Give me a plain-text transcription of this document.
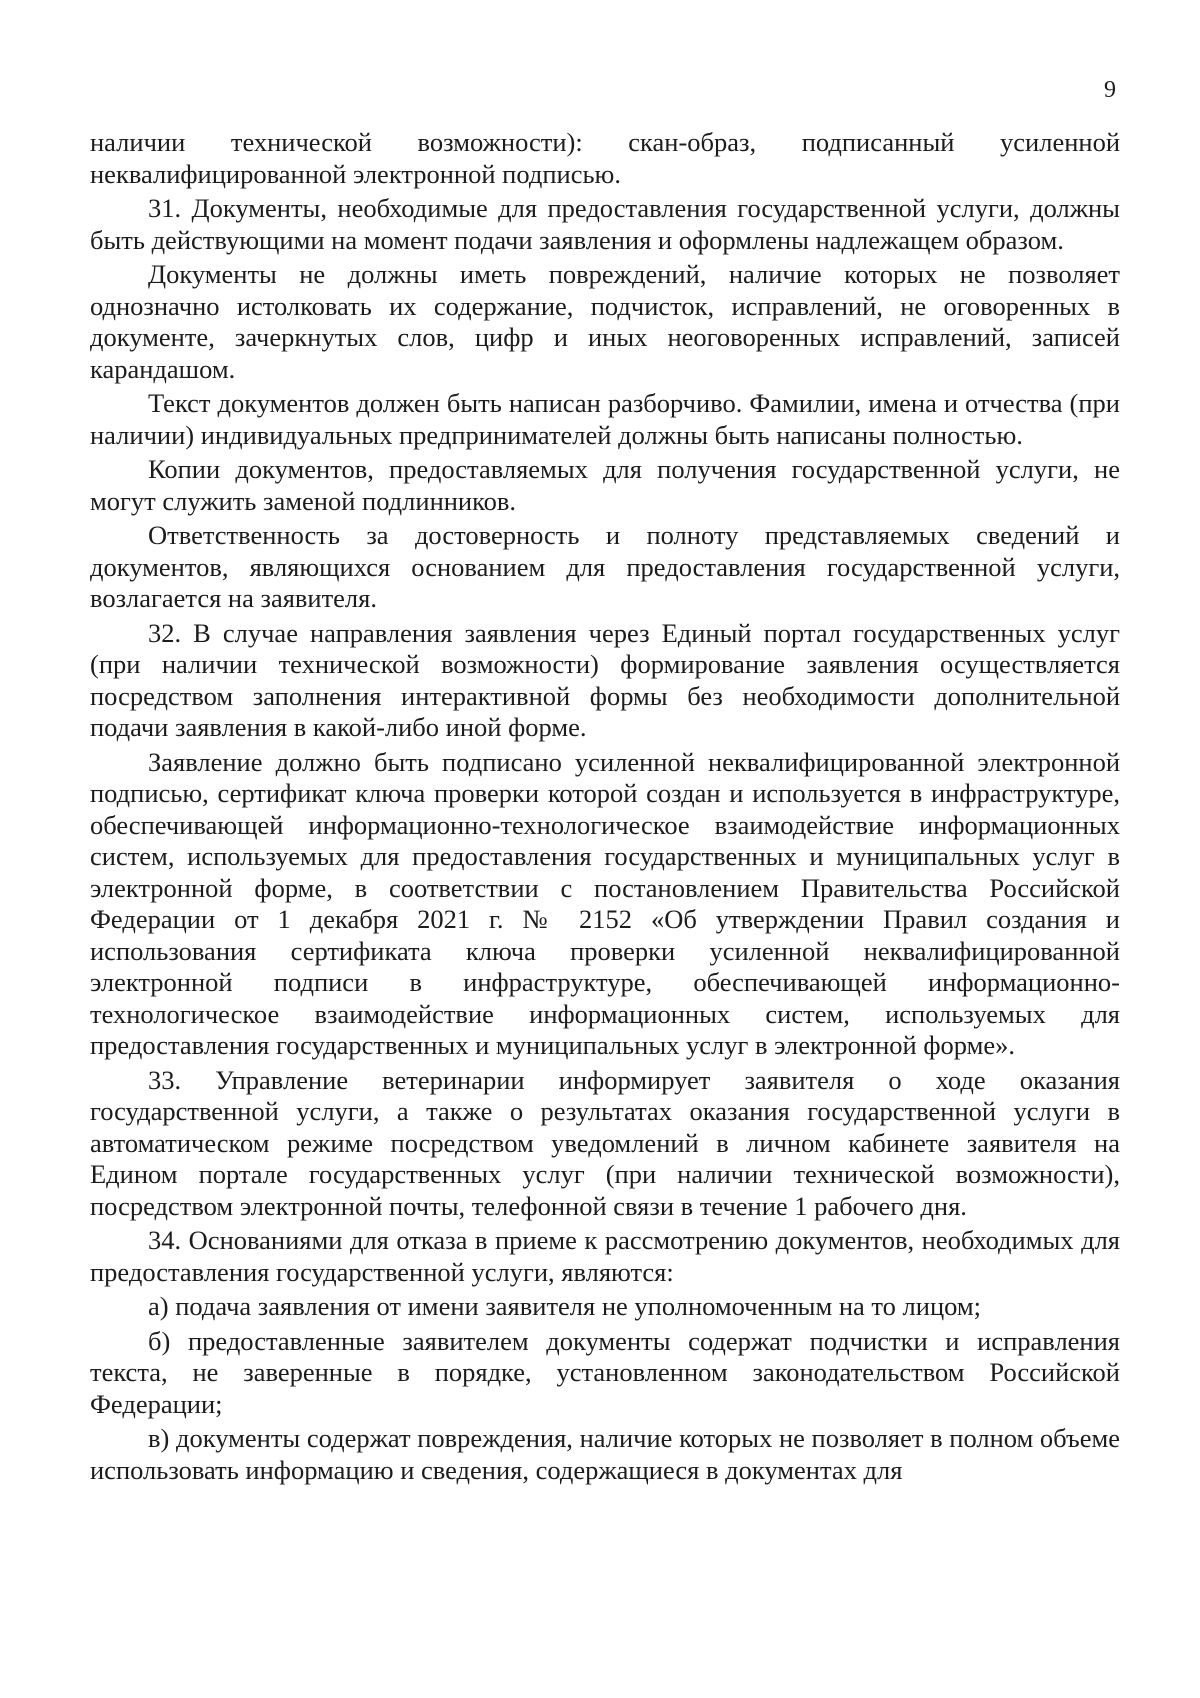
9

наличии технической возможности): скан-образ, подписанный усиленной неквалифицированной электронной подписью.

31. Документы, необходимые для предоставления государственной услуги, должны быть действующими на момент подачи заявления и оформлены надлежащем образом.

Документы не должны иметь повреждений, наличие которых не позволяет однозначно истолковать их содержание, подчисток, исправлений, не оговоренных в документе, зачеркнутых слов, цифр и иных неоговоренных исправлений, записей карандашом.

Текст документов должен быть написан разборчиво. Фамилии, имена и отчества (при наличии) индивидуальных предпринимателей должны быть написаны полностью.

Копии документов, предоставляемых для получения государственной услуги, не могут служить заменой подлинников.

Ответственность за достоверность и полноту представляемых сведений и документов, являющихся основанием для предоставления государственной услуги, возлагается на заявителя.

32. В случае направления заявления через Единый портал государственных услуг (при наличии технической возможности) формирование заявления осуществляется посредством заполнения интерактивной формы без необходимости дополнительной подачи заявления в какой-либо иной форме.

Заявление должно быть подписано усиленной неквалифицированной электронной подписью, сертификат ключа проверки которой создан и используется в инфраструктуре, обеспечивающей информационно-технологическое взаимодействие информационных систем, используемых для предоставления государственных и муниципальных услуг в электронной форме, в соответствии с постановлением Правительства Российской Федерации от 1 декабря 2021 г. № 2152 «Об утверждении Правил создания и использования сертификата ключа проверки усиленной неквалифицированной электронной подписи в инфраструктуре, обеспечивающей информационно-технологическое взаимодействие информационных систем, используемых для предоставления государственных и муниципальных услуг в электронной форме».

33. Управление ветеринарии информирует заявителя о ходе оказания государственной услуги, а также о результатах оказания государственной услуги в автоматическом режиме посредством уведомлений в личном кабинете заявителя на Едином портале государственных услуг (при наличии технической возможности), посредством электронной почты, телефонной связи в течение 1 рабочего дня.

34. Основаниями для отказа в приеме к рассмотрению документов, необходимых для предоставления государственной услуги, являются:

а) подача заявления от имени заявителя не уполномоченным на то лицом;

б) предоставленные заявителем документы содержат подчистки и исправления текста, не заверенные в порядке, установленном законодательством Российской Федерации;

в) документы содержат повреждения, наличие которых не позволяет в полном объеме использовать информацию и сведения, содержащиеся в документах для
